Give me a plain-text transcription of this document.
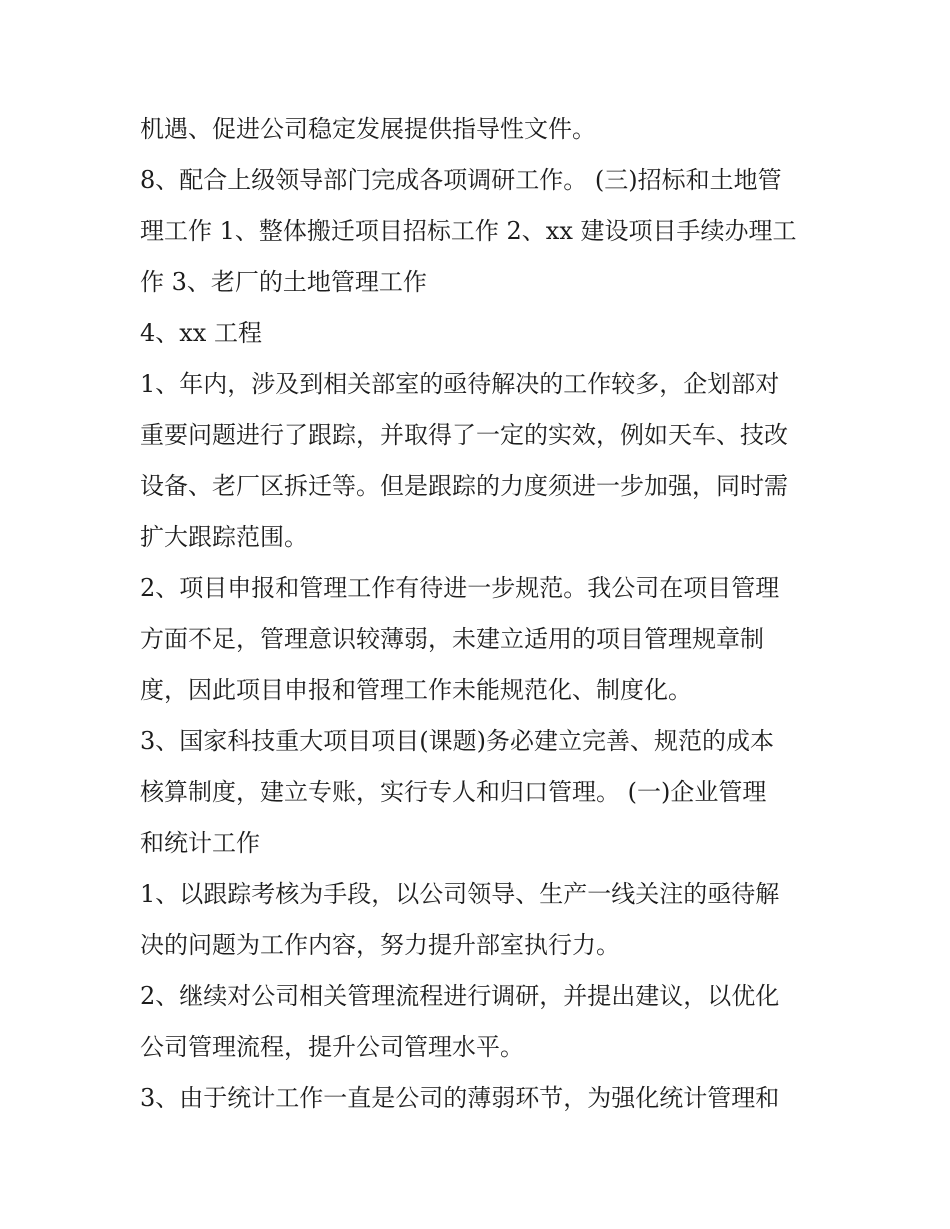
机遇、促进公司稳定发展提供指导性文件。

8、配合上级领导部门完成各项调研工作。 (三)招标和土地管
理工作 1、整体搬迁项目招标工作 2、xx 建设项目手续办理工
作 3、老厂的土地管理工作

4、xx 工程

1、年内，涉及到相关部室的亟待解决的工作较多，企划部对
重要问题进行了跟踪，并取得了一定的实效，例如天车、技改
设备、老厂区拆迁等。但是跟踪的力度须进一步加强，同时需
扩大跟踪范围。

2、项目申报和管理工作有待进一步规范。我公司在项目管理
方面不足，管理意识较薄弱，未建立适用的项目管理规章制
度，因此项目申报和管理工作未能规范化、制度化。

3、国家科技重大项目项目(课题)务必建立完善、规范的成本
核算制度，建立专账，实行专人和归口管理。 (一)企业管理
和统计工作

1、以跟踪考核为手段，以公司领导、生产一线关注的亟待解
决的问题为工作内容，努力提升部室执行力。

2、继续对公司相关管理流程进行调研，并提出建议，以优化
公司管理流程，提升公司管理水平。

3、由于统计工作一直是公司的薄弱环节，为强化统计管理和
